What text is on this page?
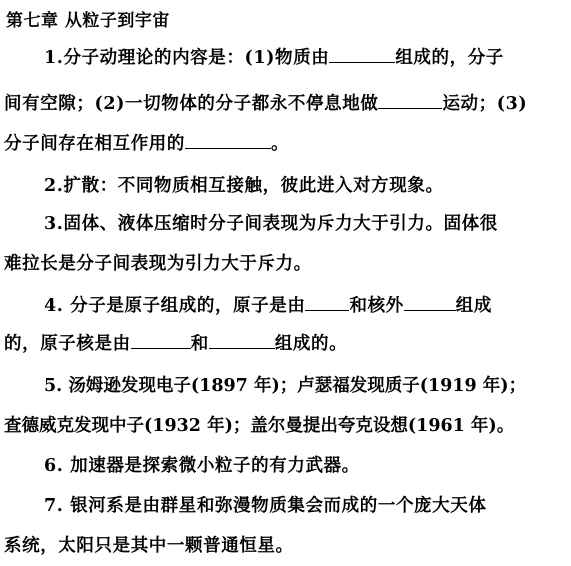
第七章 从粒子到宇宙
1.分子动理论的内容是：(1)物质由	组成的，分子
间有空隙；(2)一切物体的分子都永不停息地做	运动；(3)
分子间存在相互作用的	。
2.扩散：不同物质相互接触，彼此进入对方现象。
3.固体、液体压缩时分子间表现为斥力大于引力。固体很
难拉长是分子间表现为引力大于斥力。
4. 分子是原子组成的，原子是由	和核外	组成
的，原子核是由	和	组成的。
5. 汤姆逊发现电子(1897 年)；卢瑟福发现质子(1919 年)；
查德威克发现中子(1932 年)；盖尔曼提出夸克设想(1961 年)。
6. 加速器是探索微小粒子的有力武器。
7. 银河系是由群星和弥漫物质集会而成的一个庞大天体
系统，太阳只是其中一颗普通恒星。
